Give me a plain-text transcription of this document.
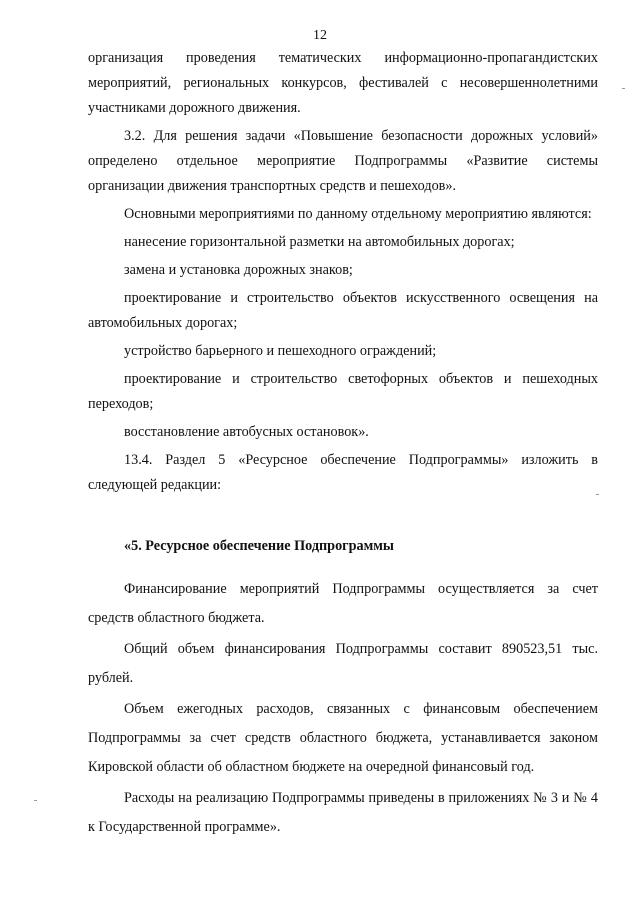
12

организация проведения тематических информационно-пропагандистских мероприятий, региональных конкурсов, фестивалей с несовершеннолетними участниками дорожного движения.

3.2. Для решения задачи «Повышение безопасности дорожных условий» определено отдельное мероприятие Подпрограммы «Развитие системы организации движения транспортных средств и пешеходов».

Основными мероприятиями по данному отдельному мероприятию являются:

нанесение горизонтальной разметки на автомобильных дорогах;

замена и установка дорожных знаков;

проектирование и строительство объектов искусственного освещения на автомобильных дорогах;

устройство барьерного и пешеходного ограждений;

проектирование и строительство светофорных объектов и пешеходных переходов;

восстановление автобусных остановок».

13.4. Раздел 5 «Ресурсное обеспечение Подпрограммы» изложить в следующей редакции:

«5. Ресурсное обеспечение Подпрограммы

Финансирование мероприятий Подпрограммы осуществляется за счет средств областного бюджета.

Общий объем финансирования Подпрограммы составит 890523,51 тыс. рублей.

Объем ежегодных расходов, связанных с финансовым обеспечением Подпрограммы за счет средств областного бюджета, устанавливается законом Кировской области об областном бюджете на очередной финансовый год.

Расходы на реализацию Подпрограммы приведены в приложениях № 3 и № 4 к Государственной программе».
